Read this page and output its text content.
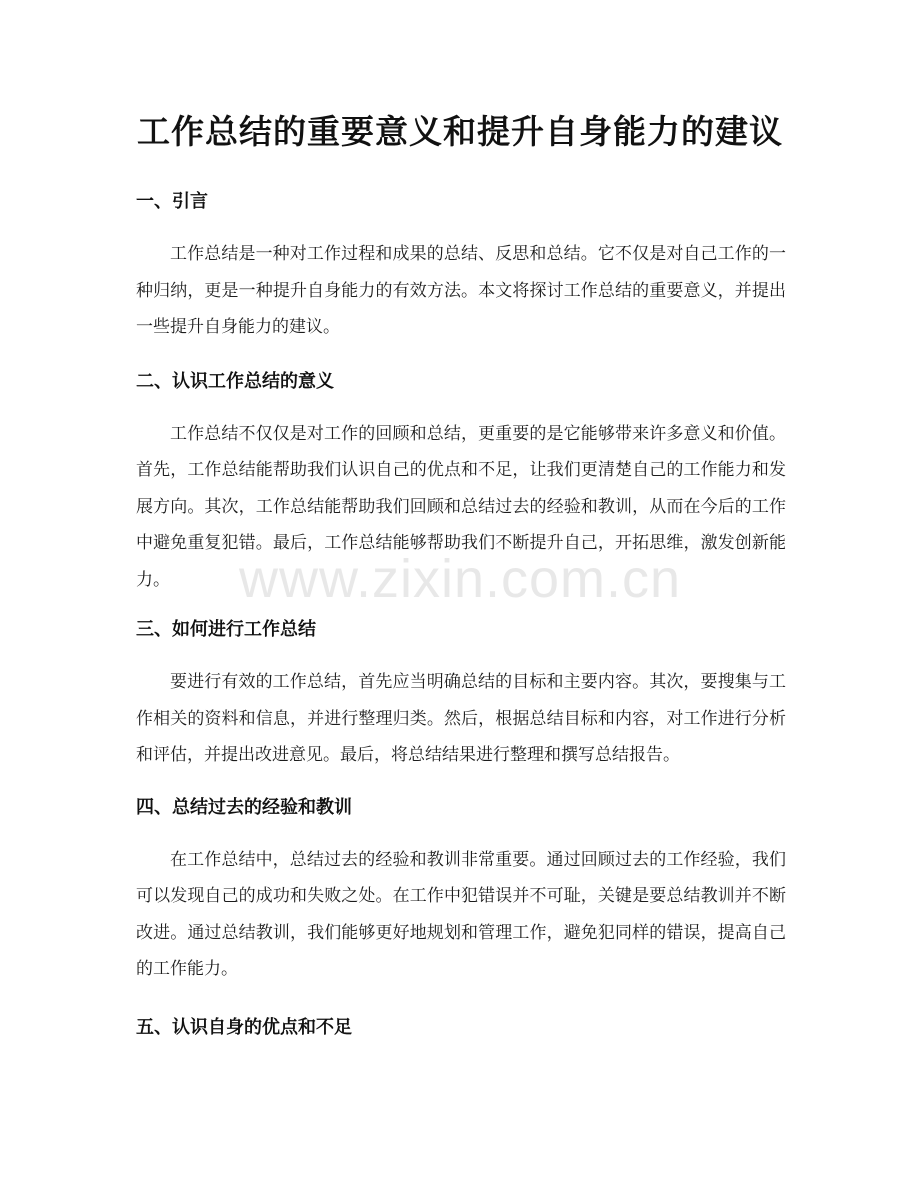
工作总结的重要意义和提升自身能力的建议
一、引言

工作总结是一种对工作过程和成果的总结、反思和总结。它不仅是对自己工作的一种归纳，更是一种提升自身能力的有效方法。本文将探讨工作总结的重要意义，并提出一些提升自身能力的建议。

二、认识工作总结的意义

工作总结不仅仅是对工作的回顾和总结，更重要的是它能够带来许多意义和价值。首先，工作总结能帮助我们认识自己的优点和不足，让我们更清楚自己的工作能力和发展方向。其次，工作总结能帮助我们回顾和总结过去的经验和教训，从而在今后的工作中避免重复犯错。最后，工作总结能够帮助我们不断提升自己，开拓思维，激发创新能力。

三、如何进行工作总结

要进行有效的工作总结，首先应当明确总结的目标和主要内容。其次，要搜集与工作相关的资料和信息，并进行整理归类。然后，根据总结目标和内容，对工作进行分析和评估，并提出改进意见。最后，将总结结果进行整理和撰写总结报告。

四、总结过去的经验和教训

在工作总结中，总结过去的经验和教训非常重要。通过回顾过去的工作经验，我们可以发现自己的成功和失败之处。在工作中犯错误并不可耻，关键是要总结教训并不断改进。通过总结教训，我们能够更好地规划和管理工作，避免犯同样的错误，提高自己的工作能力。

五、认识自身的优点和不足
www.zixin.com.cn
